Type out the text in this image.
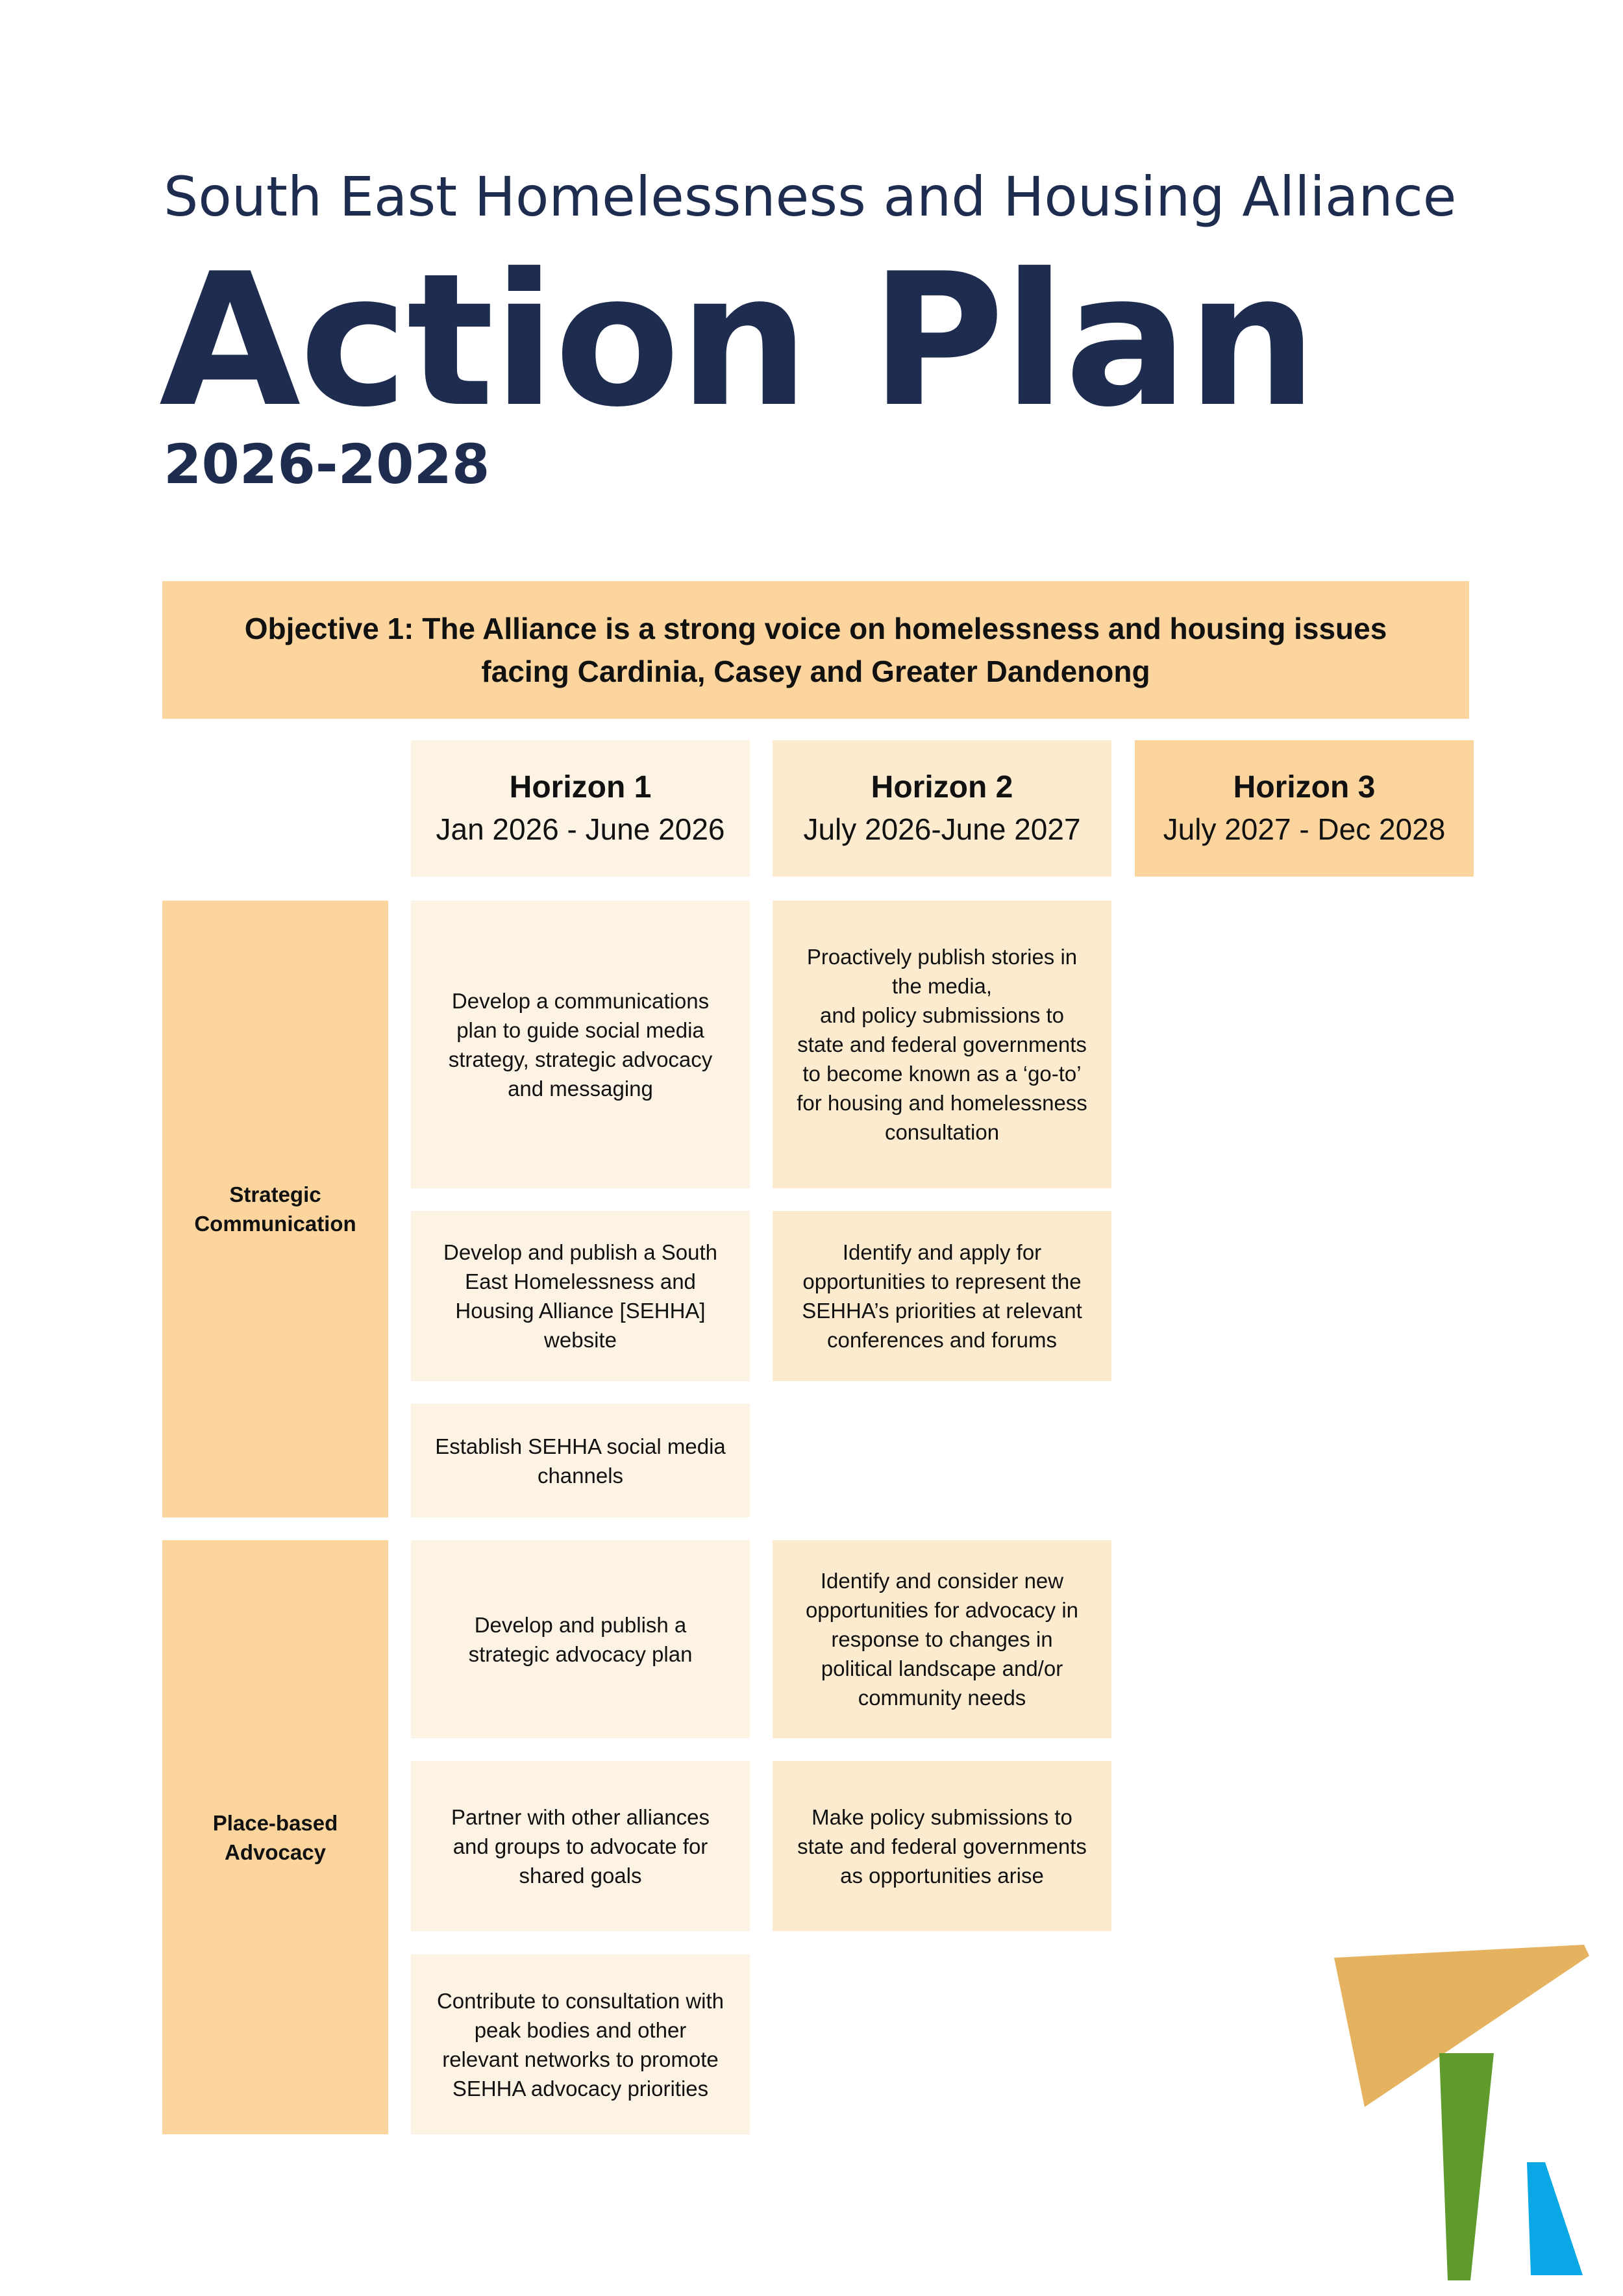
South East Homelessness and Housing Alliance
Action Plan
2026-2028
Objective 1: The Alliance is a strong voice on homelessness and housing issues facing Cardinia, Casey and Greater Dandenong
Horizon 1
Jan 2026 - June 2026
Horizon 2
July 2026-June 2027
Horizon 3
July 2027 - Dec 2028
Strategic Communication
Place-based Advocacy
Develop a communications plan to guide social media strategy, strategic advocacy and messaging
Develop and publish a South East Homelessness and Housing Alliance [SEHHA] website
Establish SEHHA social media channels
Proactively publish stories in the media,
and policy submissions to state and federal governments to become known as a ‘go-to’ for housing and homelessness consultation
Identify and apply for opportunities to represent the SEHHA’s priorities at relevant conferences and forums
Develop and publish a strategic advocacy plan
Partner with other alliances and groups to advocate for shared goals
Contribute to consultation with peak bodies and other relevant networks to promote SEHHA advocacy priorities
Identify and consider new opportunities for advocacy in response to changes in political landscape and/or community needs
Make policy submissions to state and federal governments as opportunities arise
